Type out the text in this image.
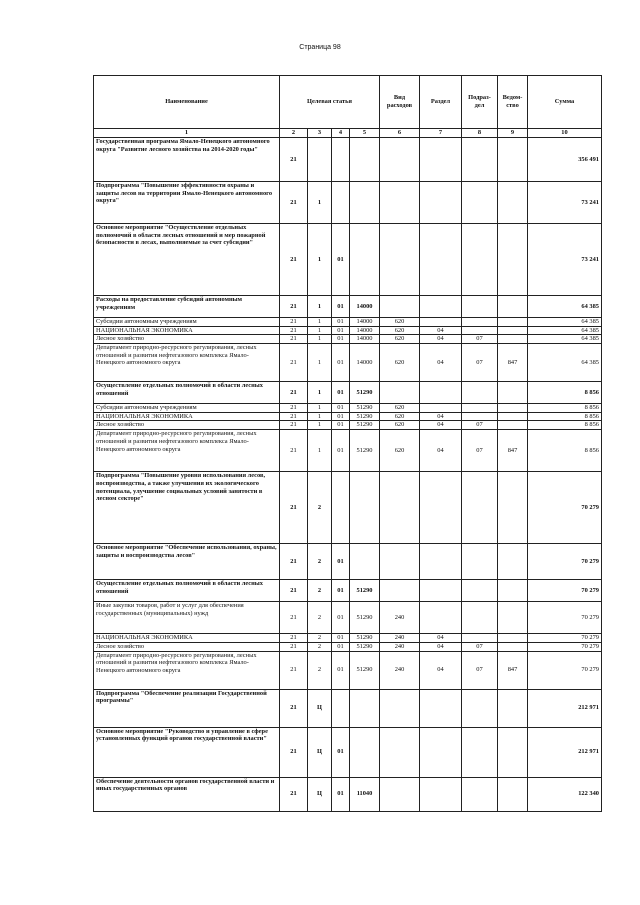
Страница 98
Наименование	Целевая статья				Вид расходов	Раздел	Подраз-дел	Ведом-ство	Сумма
1	2	3	4	5	6	7	8	9	10
Государственная программа Ямало-Ненецкого автономного округа "Развитие лесного хозяйства на 2014-2020 годы"	21								356 491
Подпрограмма "Повышение эффективности охраны и защиты лесов на территории Ямало-Ненецкого автономного округа"	21	1							73 241
Основное мероприятие "Осуществление отдельных полномочий в области лесных отношений и мер пожарной безопасности в лесах, выполняемые за счет субсидии"	21	1	01						73 241
Расходы на предоставление субсидий автономным учреждениям	21	1	01	14000					64 385
Субсидии автономным учреждениям	21	1	01	14000	620				64 385
НАЦИОНАЛЬНАЯ ЭКОНОМИКА	21	1	01	14000	620	04			64 385
Лесное хозяйство	21	1	01	14000	620	04	07		64 385
Департамент природно-ресурсного регулирования, лесных отношений и развития нефтегазового комплекса Ямало-Ненецкого автономного округа	21	1	01	14000	620	04	07	847	64 385
Осуществление отдельных полномочий в области лесных отношений	21	1	01	51290					8 856
Субсидии автономным учреждениям	21	1	01	51290	620				8 856
НАЦИОНАЛЬНАЯ ЭКОНОМИКА	21	1	01	51290	620	04			8 856
Лесное хозяйство	21	1	01	51290	620	04	07		8 856
Департамент природно-ресурсного регулирования, лесных отношений и развития нефтегазового комплекса Ямало-Ненецкого автономного округа	21	1	01	51290	620	04	07	847	8 856
Подпрограмма "Повышение уровня использования лесов, воспроизводства, а также улучшения их экологического потенциала, улучшение социальных условий занятости в лесном секторе"	21	2							70 279
Основное мероприятие "Обеспечение использования, охраны, защиты и воспроизводства лесов"	21	2	01						70 279
Осуществление отдельных полномочий в области лесных отношений	21	2	01	51290					70 279
Иные закупки товаров, работ и услуг для обеспечения государственных (муниципальных) нужд	21	2	01	51290	240				70 279
НАЦИОНАЛЬНАЯ ЭКОНОМИКА	21	2	01	51290	240	04			70 279
Лесное хозяйство	21	2	01	51290	240	04	07		70 279
Департамент природно-ресурсного регулирования, лесных отношений и развития нефтегазового комплекса Ямало-Ненецкого автономного округа	21	2	01	51290	240	04	07	847	70 279
Подпрограмма "Обеспечение реализации Государственной программы"	21	Ц							212 971
Основное мероприятие "Руководство и управление в сфере установленных функций органов государственной власти"	21	Ц	01						212 971
Обеспечение деятельности органов государственной власти и иных государственных органов	21	Ц	01	11040					122 340
